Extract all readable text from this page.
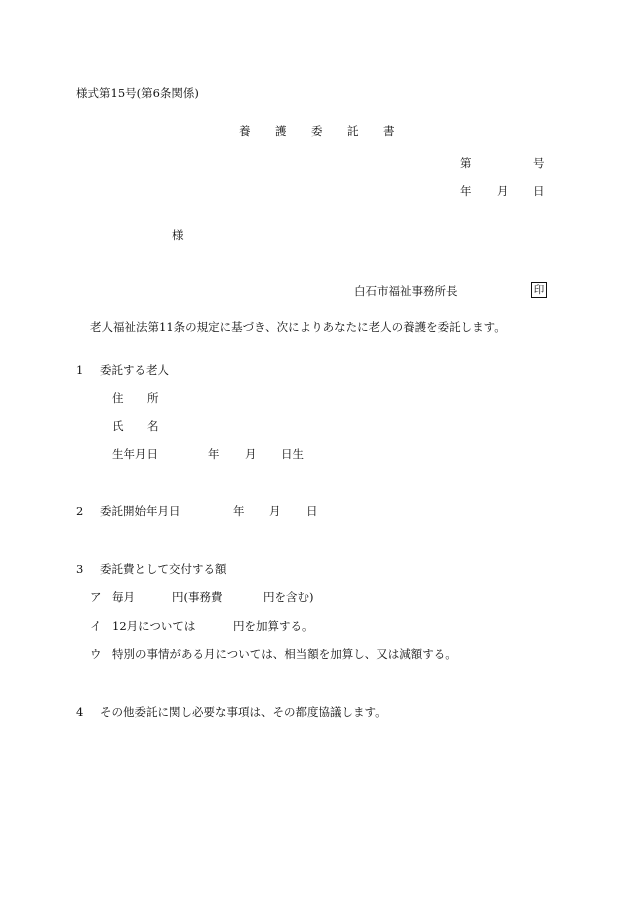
様式第15号(第6条関係)
養 護 委 託 書
第	号
年 月 日
様
白石市福祉事務所長	印
老人福祉法第11条の規定に基づき、次によりあなたに老人の養護を委託します。
1 委託する老人
住 所
氏 名
生年月日	年 月 日生
2 委託開始年月日	年 月 日
3 委託費として交付する額
ア 毎月	円(事務費	円を含む)
イ 12月については	円を加算する。
ウ 特別の事情がある月については、相当額を加算し、又は減額する。
4 その他委託に関し必要な事項は、その都度協議します。
